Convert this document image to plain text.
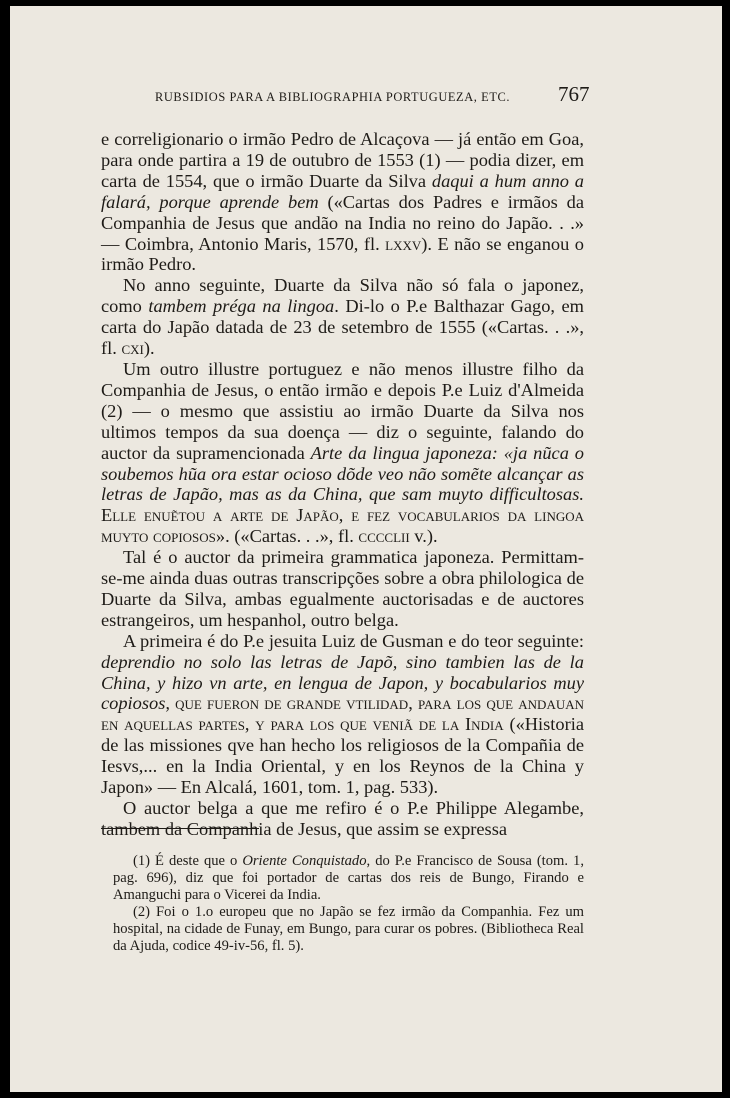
RUBSIDIOS PARA A BIBLIOGRAPHIA PORTUGUEZA, ETC.	767

e correligionario o irmão Pedro de Alcaçova — já então em Goa, para onde partira a 19 de outubro de 1553 (1) — podia dizer, em carta de 1554, que o irmão Duarte da Silva daqui a hum anno a falará, porque aprende bem («Cartas dos Padres e irmãos da Companhia de Jesus que andão na India no reino do Japão. . .» — Coimbra, Antonio Maris, 1570, fl. lxxv). E não se enganou o irmão Pedro.

No anno seguinte, Duarte da Silva não só fala o japonez, como tambem préga na lingoa. Di-lo o P.e Balthazar Gago, em carta do Japão datada de 23 de setembro de 1555 («Cartas. . .», fl. cxi).

Um outro illustre portuguez e não menos illustre filho da Companhia de Jesus, o então irmão e depois P.e Luiz d'Almeida (2) — o mesmo que assistiu ao irmão Duarte da Silva nos ultimos tempos da sua doença — diz o seguinte, falando do auctor da supramencionada Arte da lingua japoneza: «ja nũca o soubemos hũa ora estar ocioso dõde veo não somẽte alcançar as letras de Japão, mas as da China, que sam muyto difficultosas. Elle enuẽtou a arte de Japão, e fez vocabularios da lingoa muyto copiosos». («Cartas. . .», fl. cccclii v.).

Tal é o auctor da primeira grammatica japoneza. Permittam-se-me ainda duas outras transcripções sobre a obra philologica de Duarte da Silva, ambas egualmente auctorisadas e de auctores estrangeiros, um hespanhol, outro belga.

A primeira é do P.e jesuita Luiz de Gusman e do teor seguinte: deprendio no solo las letras de Japõ, sino tambien las de la China, y hizo vn arte, en lengua de Japon, y bocabularios muy copiosos, que fueron de grande vtilidad, para los que andauan en aquellas partes, y para los que veniã de la India («Historia de las missiones qve han hecho los religiosos de la Compañia de Iesvs,... en la India Oriental, y en los Reynos de la China y Japon» — En Alcalá, 1601, tom. 1, pag. 533).

O auctor belga a que me refiro é o P.e Philippe Alegambe, tambem da Companhia de Jesus, que assim se expressa

(1) É deste que o Oriente Conquistado, do P.e Francisco de Sousa (tom. 1, pag. 696), diz que foi portador de cartas dos reis de Bungo, Firando e Amanguchi para o Vicerei da India.

(2) Foi o 1.o europeu que no Japão se fez irmão da Companhia. Fez um hospital, na cidade de Funay, em Bungo, para curar os pobres. (Bibliotheca Real da Ajuda, codice 49-iv-56, fl. 5).
